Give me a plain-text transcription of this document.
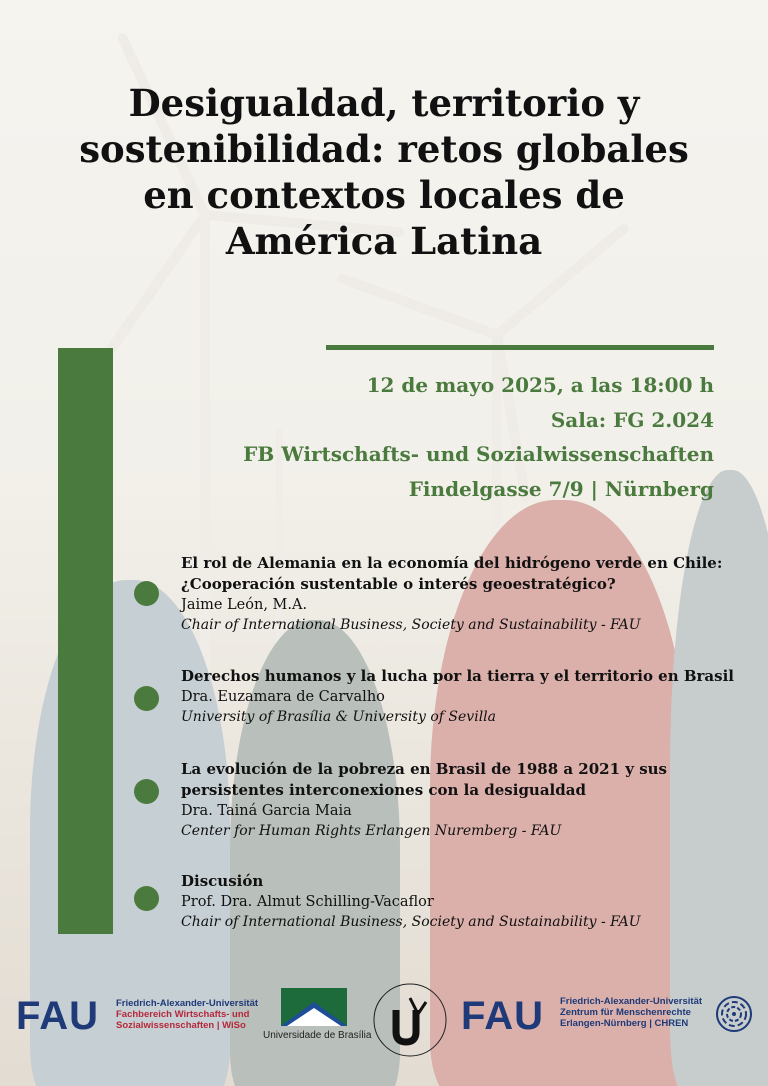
Desigualdad, territorio y
sostenibilidad: retos globales
en contextos locales de
América Latina
12 de mayo 2025, a las 18:00 h
Sala: FG 2.024
FB Wirtschafts- und Sozialwissenschaften
Findelgasse 7/9 | Nürnberg
El rol de Alemania en la economía del hidrógeno verde en Chile:
¿Cooperación sustentable o interés geoestratégico?
Jaime León, M.A.
Chair of International Business, Society and Sustainability - FAU
Derechos humanos y la lucha por la tierra y el territorio en Brasil
Dra. Euzamara de Carvalho
University of Brasília & University of Sevilla
La evolución de la pobreza en Brasil de 1988 a 2021 y sus
persistentes interconexiones con la desigualdad
Dra. Tainá Garcia Maia
Center for Human Rights Erlangen Nuremberg - FAU
Discusión
Prof. Dra. Almut Schilling-Vacaflor
Chair of International Business, Society and Sustainability - FAU
FAU Friedrich-Alexander-Universität
Fachbereich Wirtschafts- und
Sozialwissenschaften | WiSo
Universidade de Brasília FAU Friedrich-Alexander-Universität
Zentrum für Menschenrechte
Erlangen-Nürnberg | CHREN
